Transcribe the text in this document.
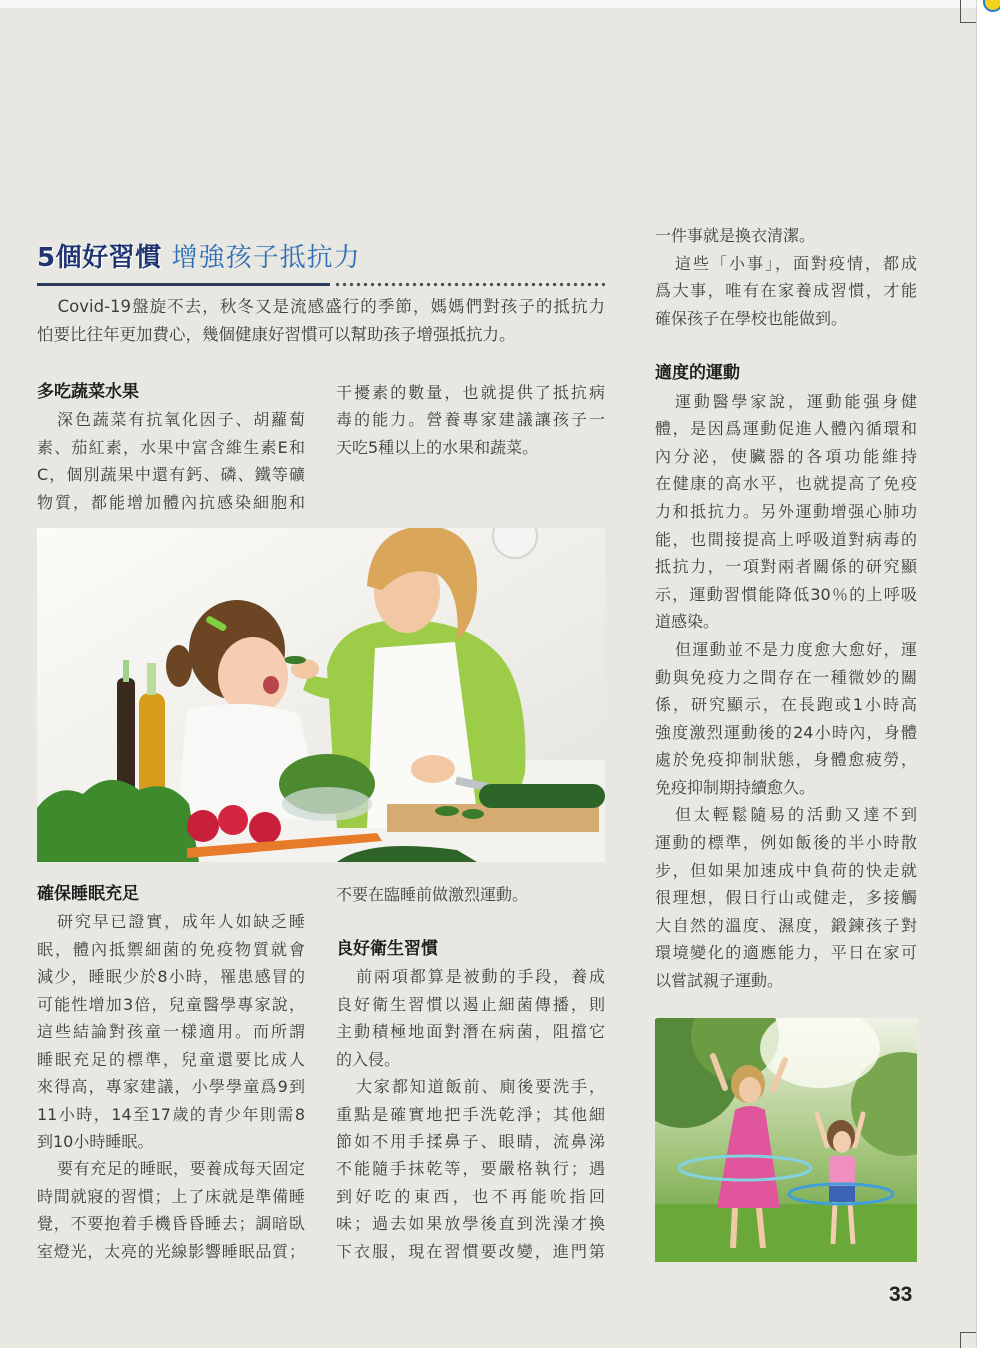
5個好習慣 增強孩子抵抗力
Covid-19盤旋不去，秋冬又是流感盛行的季節，媽媽們對孩子的抵抗力
怕要比往年更加費心，幾個健康好習慣可以幫助孩子增强抵抗力。
多吃蔬菜水果
深色蔬菜有抗氧化因子、胡蘿蔔
素、茄紅素，水果中富含維生素E和
C，個別蔬果中還有鈣、磷、鐵等礦
物質，都能增加體內抗感染細胞和
干擾素的數量，也就提供了抵抗病
毒的能力。營養專家建議讓孩子一
天吃5種以上的水果和蔬菜。
確保睡眠充足
研究早已證實，成年人如缺乏睡
眠，體內抵禦細菌的免疫物質就會
減少，睡眠少於8小時，罹患感冒的
可能性增加3倍，兒童醫學專家說，
這些結論對孩童一樣適用。而所謂
睡眠充足的標準，兒童還要比成人
來得高，專家建議，小學學童爲9到
11小時，14至17歲的青少年則需8
到10小時睡眠。
要有充足的睡眠，要養成每天固定
時間就寢的習慣；上了床就是準備睡
覺，不要抱着手機昏昏睡去；調暗臥
室燈光，太亮的光線影響睡眠品質；
不要在臨睡前做激烈運動。
良好衛生習慣
前兩項都算是被動的手段，養成
良好衛生習慣以遏止細菌傳播，則
主動積極地面對潛在病菌，阻擋它
的入侵。
大家都知道飯前、廁後要洗手，
重點是確實地把手洗乾淨；其他細
節如不用手揉鼻子、眼睛，流鼻涕
不能隨手抹乾等，要嚴格執行；遇
到好吃的東西，也不再能吮指回
味；過去如果放學後直到洗澡才換
下衣服，現在習慣要改變，進門第
一件事就是換衣清潔。
這些「小事」，面對疫情，都成
爲大事，唯有在家養成習慣，才能
確保孩子在學校也能做到。
適度的運動
運動醫學家說，運動能强身健
體，是因爲運動促進人體內循環和
內分泌，使臟器的各項功能維持
在健康的高水平，也就提高了免疫
力和抵抗力。另外運動增强心肺功
能，也間接提高上呼吸道對病毒的
抵抗力，一項對兩者關係的研究顯
示，運動習慣能降低30％的上呼吸
道感染。
但運動並不是力度愈大愈好，運
動與免疫力之間存在一種微妙的關
係，研究顯示，在長跑或1小時高
強度激烈運動後的24小時內，身體
處於免疫抑制狀態，身體愈疲勞，
免疫抑制期持續愈久。
但太輕鬆隨易的活動又達不到
運動的標準，例如飯後的半小時散
步，但如果加速成中負荷的快走就
很理想，假日行山或健走，多接觸
大自然的溫度、濕度，鍛鍊孩子對
環境變化的適應能力，平日在家可
以嘗試親子運動。
33
